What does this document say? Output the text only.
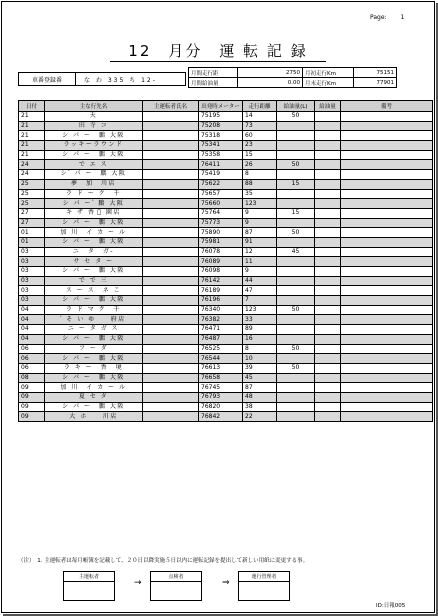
Page: 1
12　月分　運 転 記 録
車番登録番	な わ 335 ち 12-
月間走行距	2750	月初走行Km	75151
月間給油量	0.00	月末走行Km	77901
日付	主な行先名	主運転者氏名	出発時メーター	走行距離	給油量(L)	給油量	備考
21	天		75195	14	50		
21	田 寺 コ		75208	73			
21	シ パ ー　鵬 大阪		75318	60			
21	ラッキーラウンド		75341	23			
21	シ パ ー　鵬 大阪		75358	15			
24	で エ ス		76411	26	50		
24	シ ゙ パ ー　鵬 大阪		75419	8			
25	夢　加　川店		75622	88	15		
25	ラ ド ー ク　千		75657	35			
25	シ パ ー ゙ 鵬 大阪		75660	123			
27	キ ザ 香 ゙ 園店		75764	9	15		
27	シ パ ー　鵬 大阪		75773	9			
01	加 川　イ カ ー ル		75890	87	50		
01	シ パ ー　鵬 大阪		75981	91			
03	ニ　タ　ガ-		76078	12	45		
03	サ セ タ ー		76089	11			
03	シ パ ー　鵬 大阪		76098	9			
03	で で 三		76142	44			
03	ス ー ス　ネ こ		76189	47			
03	シ パ ー　鵬 大阪		76196	7			
04	ラ ド マ ク　千		76340	123	50		
04	゙ そ い ゆ　　府店		76382	33			
04	ニ ー タ ガ ス		76471	89			
04	シ パ ー　鵬 大阪		76487	16			
06	フ ー ダ		76525	8	50		
06	シ パ ー　鵬 大阪		76544	10			
06	ラ キ ー　香　境		76613	39	50		
08	シ パ ー　鵬 大阪		76658	45			
09	加 川　イ カ ー ル		76745	87			
09	夏 セ タ		76793	48			
09	シ パ ー　鵬 大阪		76820	38			
09	大 ホ　　川店		76842	22			
（注）　1. 主運転者は毎月帳簿を記載して、２０日以降実施５日以内に運転記録を提出して新しい用紙に変更する事。
主運転者
→
点検者
⇒
運行管理者
ID:日報005
